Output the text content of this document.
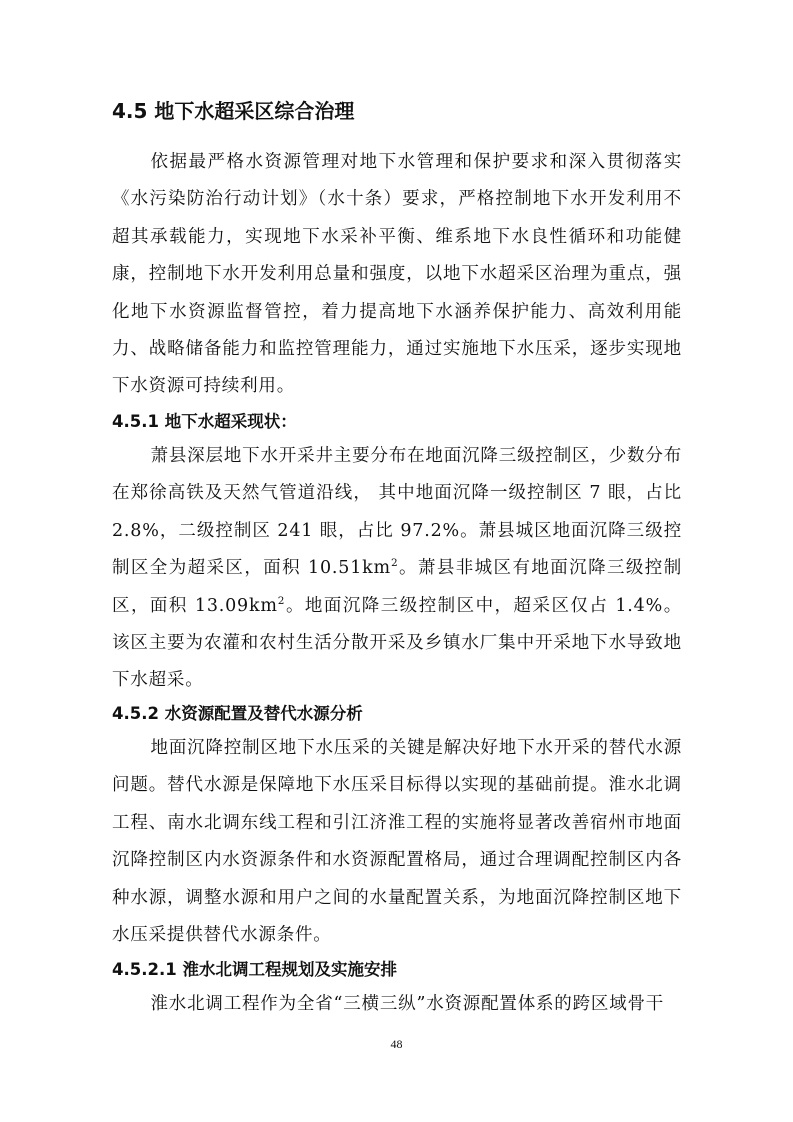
4.5 地下水超采区综合治理
依据最严格水资源管理对地下水管理和保护要求和深入贯彻落实《水污染防治行动计划》（水十条）要求，严格控制地下水开发利用不超其承载能力，实现地下水采补平衡、维系地下水良性循环和功能健康，控制地下水开发利用总量和强度，以地下水超采区治理为重点，强化地下水资源监督管控，着力提高地下水涵养保护能力、高效利用能力、战略储备能力和监控管理能力，通过实施地下水压采，逐步实现地下水资源可持续利用。
4.5.1 地下水超采现状：
萧县深层地下水开采井主要分布在地面沉降三级控制区，少数分布在郑徐高铁及天然气管道沿线， 其中地面沉降一级控制区 7 眼，占比 2.8%，二级控制区 241 眼，占比 97.2%。萧县城区地面沉降三级控制区全为超采区，面积 $10.51km^2$。萧县非城区有地面沉降三级控制区，面积 $13.09km^2$。地面沉降三级控制区中，超采区仅占 1.4%。该区主要为农灌和农村生活分散开采及乡镇水厂集中开采地下水导致地下水超采。
4.5.2 水资源配置及替代水源分析
地面沉降控制区地下水压采的关键是解决好地下水开采的替代水源问题。替代水源是保障地下水压采目标得以实现的基础前提。淮水北调工程、南水北调东线工程和引江济淮工程的实施将显著改善宿州市地面沉降控制区内水资源条件和水资源配置格局，通过合理调配控制区内各种水源，调整水源和用户之间的水量配置关系，为地面沉降控制区地下水压采提供替代水源条件。
4.5.2.1 淮水北调工程规划及实施安排
淮水北调工程作为全省“三横三纵”水资源配置体系的跨区域骨干
48
